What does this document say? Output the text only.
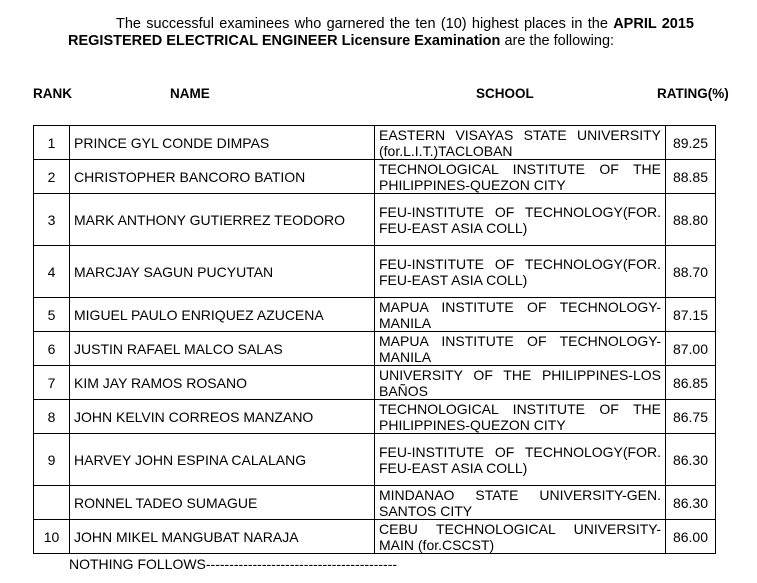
The successful examinees who garnered the ten (10) highest places in the APRIL 2015 REGISTERED ELECTRICAL ENGINEER Licensure Examination are the following:
RANK	NAME	SCHOOL	RATING(%)
1	PRINCE GYL CONDE DIMPAS	EASTERN VISAYAS STATE UNIVERSITY (for.L.I.T.)TACLOBAN	89.25
2	CHRISTOPHER BANCORO BATION	TECHNOLOGICAL INSTITUTE OF THE PHILIPPINES-QUEZON CITY	88.85
3	MARK ANTHONY GUTIERREZ TEODORO	FEU-INSTITUTE OF TECHNOLOGY(FOR. FEU-EAST ASIA COLL)	88.80
4	MARCJAY SAGUN PUCYUTAN	FEU-INSTITUTE OF TECHNOLOGY(FOR. FEU-EAST ASIA COLL)	88.70
5	MIGUEL PAULO ENRIQUEZ AZUCENA	MAPUA INSTITUTE OF TECHNOLOGY-MANILA	87.15
6	JUSTIN RAFAEL MALCO SALAS	MAPUA INSTITUTE OF TECHNOLOGY-MANILA	87.00
7	KIM JAY RAMOS ROSANO	UNIVERSITY OF THE PHILIPPINES-LOS BAÑOS	86.85
8	JOHN KELVIN CORREOS MANZANO	TECHNOLOGICAL INSTITUTE OF THE PHILIPPINES-QUEZON CITY	86.75
9	HARVEY JOHN ESPINA CALALANG	FEU-INSTITUTE OF TECHNOLOGY(FOR. FEU-EAST ASIA COLL)	86.30
	RONNEL TADEO SUMAGUE	MINDANAO STATE UNIVERSITY-GEN. SANTOS CITY	86.30
10	JOHN MIKEL MANGUBAT NARAJA	CEBU TECHNOLOGICAL UNIVERSITY-MAIN (for.CSCST)	86.00
NOTHING FOLLOWS-----------------------------------------
